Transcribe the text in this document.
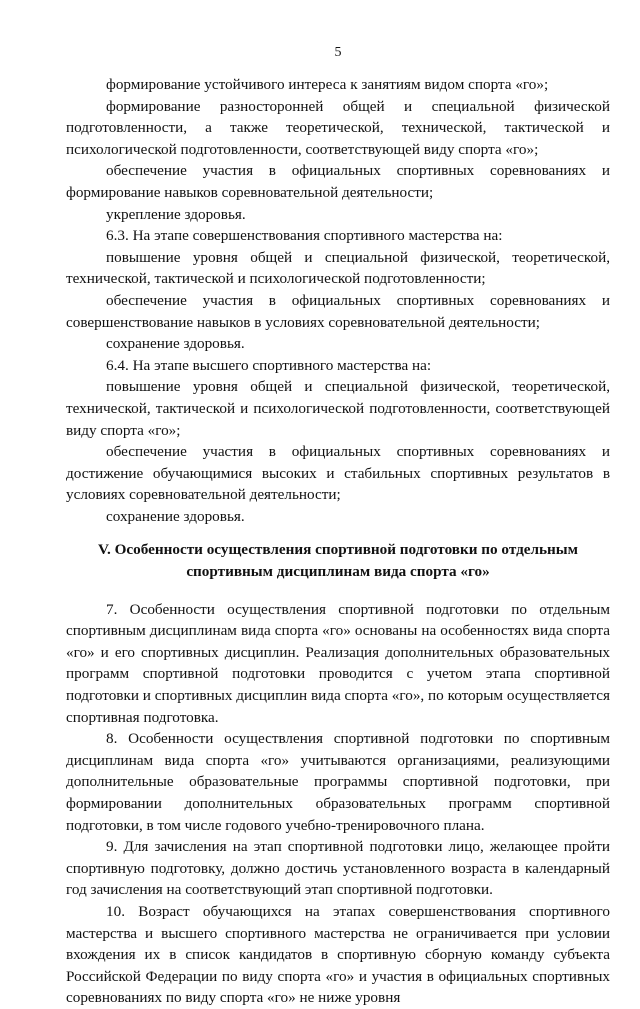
5

формирование устойчивого интереса к занятиям видом спорта «го»;

формирование разносторонней общей и специальной физической подготовленности, а также теоретической, технической, тактической и психологической подготовленности, соответствующей виду спорта «го»;

обеспечение участия в официальных спортивных соревнованиях и формирование навыков соревновательной деятельности;

укрепление здоровья.

6.3. На этапе совершенствования спортивного мастерства на:

повышение уровня общей и специальной физической, теоретической, технической, тактической и психологической подготовленности;

обеспечение участия в официальных спортивных соревнованиях и совершенствование навыков в условиях соревновательной деятельности;

сохранение здоровья.

6.4. На этапе высшего спортивного мастерства на:

повышение уровня общей и специальной физической, теоретической, технической, тактической и психологической подготовленности, соответствующей виду спорта «го»;

обеспечение участия в официальных спортивных соревнованиях и достижение обучающимися высоких и стабильных спортивных результатов в условиях соревновательной деятельности;

сохранение здоровья.

V. Особенности осуществления спортивной подготовки по отдельным спортивным дисциплинам вида спорта «го»

7. Особенности осуществления спортивной подготовки по отдельным спортивным дисциплинам вида спорта «го» основаны на особенностях вида спорта «го» и его спортивных дисциплин. Реализация дополнительных образовательных программ спортивной подготовки проводится с учетом этапа спортивной подготовки и спортивных дисциплин вида спорта «го», по которым осуществляется спортивная подготовка.

8. Особенности осуществления спортивной подготовки по спортивным дисциплинам вида спорта «го» учитываются организациями, реализующими дополнительные образовательные программы спортивной подготовки, при формировании дополнительных образовательных программ спортивной подготовки, в том числе годового учебно-тренировочного плана.

9. Для зачисления на этап спортивной подготовки лицо, желающее пройти спортивную подготовку, должно достичь установленного возраста в календарный год зачисления на соответствующий этап спортивной подготовки.

10. Возраст обучающихся на этапах совершенствования спортивного мастерства и высшего спортивного мастерства не ограничивается при условии вхождения их в список кандидатов в спортивную сборную команду субъекта Российской Федерации по виду спорта «го» и участия в официальных спортивных соревнованиях по виду спорта «го» не ниже уровня
